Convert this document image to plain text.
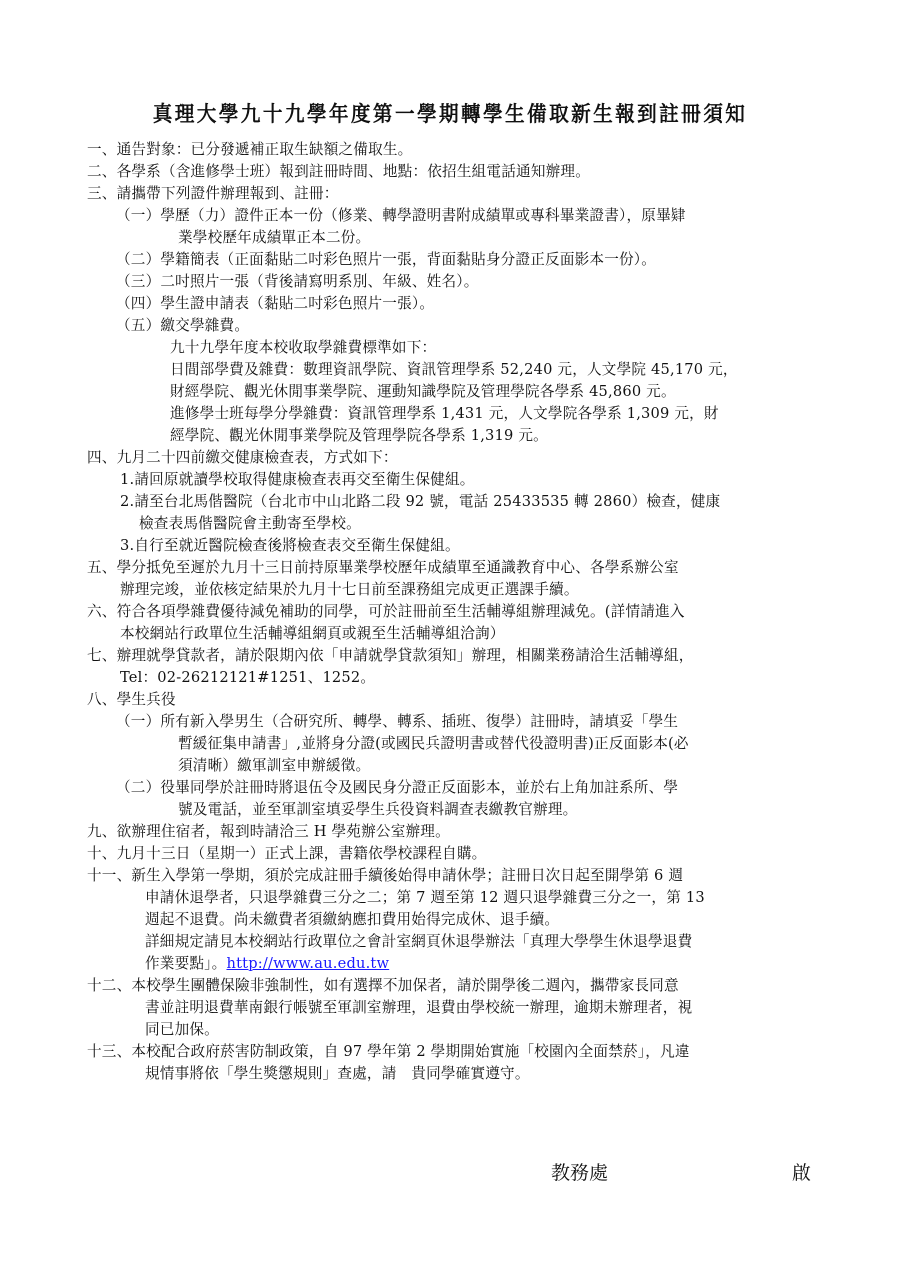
真理大學九十九學年度第一學期轉學生備取新生報到註冊須知
一、通告對象：已分發遞補正取生缺額之備取生。
二、各學系（含進修學士班）報到註冊時間、地點：依招生組電話通知辦理。
三、請攜帶下列證件辦理報到、註冊：
（一）學歷（力）證件正本一份（修業、轉學證明書附成績單或專科畢業證書），原畢肄
業學校歷年成績單正本二份。
（二）學籍簡表（正面黏貼二吋彩色照片一張，背面黏貼身分證正反面影本一份）。
（三）二吋照片一張（背後請寫明系別、年級、姓名）。
（四）學生證申請表（黏貼二吋彩色照片一張）。
（五）繳交學雜費。
九十九學年度本校收取學雜費標準如下：
日間部學費及雜費：數理資訊學院、資訊管理學系 52,240 元，人文學院 45,170 元，
財經學院、觀光休閒事業學院、運動知識學院及管理學院各學系 45,860 元。
進修學士班每學分學雜費：資訊管理學系 1,431 元，人文學院各學系 1,309 元，財
經學院、觀光休閒事業學院及管理學院各學系 1,319 元。
四、九月二十四前繳交健康檢查表，方式如下：
1.請回原就讀學校取得健康檢查表再交至衛生保健組。
2.請至台北馬偕醫院（台北市中山北路二段 92 號，電話 25433535 轉 2860）檢查，健康
檢查表馬偕醫院會主動寄至學校。
3.自行至就近醫院檢查後將檢查表交至衛生保健組。
五、學分抵免至遲於九月十三日前持原畢業學校歷年成績單至通識教育中心、各學系辦公室
辦理完竣，並依核定結果於九月十七日前至課務組完成更正選課手續。
六、符合各項學雜費優待減免補助的同學，可於註冊前至生活輔導組辦理減免。(詳情請進入
本校網站行政單位生活輔導組網頁或親至生活輔導組洽詢）
七、辦理就學貸款者，請於限期內依「申請就學貸款須知」辦理，相關業務請洽生活輔導組，
Tel：02-26212121#1251、1252。
八、學生兵役
（一）所有新入學男生（合研究所、轉學、轉系、插班、復學）註冊時，請填妥「學生
暫緩征集申請書」,並將身分證(或國民兵證明書或替代役證明書)正反面影本(必
須清晰）繳軍訓室申辦緩徵。
（二）役畢同學於註冊時將退伍令及國民身分證正反面影本，並於右上角加註系所、學
號及電話，並至軍訓室填妥學生兵役資料調查表繳教官辦理。
九、欲辦理住宿者，報到時請洽三 H 學苑辦公室辦理。
十、九月十三日（星期一）正式上課，書籍依學校課程自購。
十一、新生入學第一學期，須於完成註冊手續後始得申請休學；註冊日次日起至開學第 6 週
申請休退學者，只退學雜費三分之二；第 7 週至第 12 週只退學雜費三分之一，第 13
週起不退費。尚未繳費者須繳納應扣費用始得完成休、退手續。
詳細規定請見本校網站行政單位之會計室網頁休退學辦法「真理大學學生休退學退費
作業要點」。http://www.au.edu.tw
十二、本校學生團體保險非強制性，如有選擇不加保者，請於開學後二週內，攜帶家長同意
書並註明退費華南銀行帳號至軍訓室辦理，退費由學校統一辦理，逾期未辦理者，視
同已加保。
十三、本校配合政府菸害防制政策，自 97 學年第 2 學期開始實施「校園內全面禁菸」，凡違
規情事將依「學生獎懲規則」查處，請　貴同學確實遵守。
教務處	啟
